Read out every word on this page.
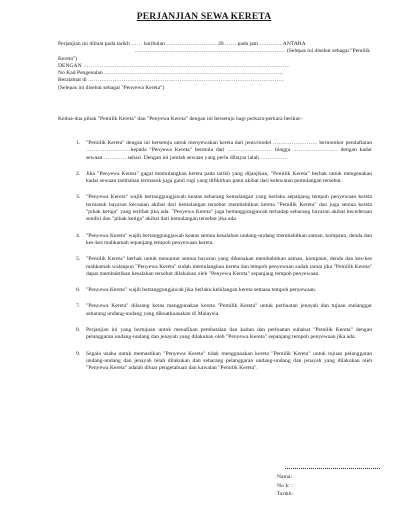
PERJANJIAN SEWA KERETA
Perjanjian ini dibuat pada tarikh …… haribulan ……………………… 20 …… pada jam ………… ANTARA
……………………………………………………………………… (Selepas ini disebut sebagai "Pemilik
Kereta")
DENGAN …………………………………………………………………………………………………
No Kad Pengenalan ……………………………………………………………………………………
Beralamat di ……………………………………………………………………………………………
(Selepas ini disebut sebagai "Penyewa Kereta")
Kedua-dua pihak "Pemilik Kereta" dan "Penyewa Kereta" dengan ini bersetuju bagi perkara-perkara berikut:-
1. "Pemilik Kereta" dengan ini bersetuju untuk menyewakan kereta dari jenis/model …………………… bernombor pendaftaran ……………………kepada "Penyewa Kereta" bermula dari …………………… hingga …………………… dengan kadar sewaan ………… sehari. Dengan ini jumlah sewaan yang perlu dibayar ialah ……………
2. Jika "Penyewa Kereta" gagal memulangkan kereta pada tarikh yang dijanjikan, "Pemilik Kereta" berhak untuk mengenakan kadar sewaan tambahan termasuk juga ganti rugi yang difikirkan patut akibat dari kelewatan pemulangan tersebut.
3. "Penyewa Kereta" wajib bertanggungjawab keatas sebarang kemalangan yang berlaku sepanjang tempoh penyewaan kereta termasuk bayaran kecuaian akibat dari kemalangan tersebut membabitkan kereta "Pemilik Kereta" dan juga semua kereta "pihak ketiga" yang terlibat jika ada. "Penyewa Kereta" juga bertanggungjawab terhadap sebarang bayaran akibat kecederaan sendiri dan "pihak ketiga" akibat dari kemalangan tersebut jika ada.
4. "Penyewa Kereta" wajib bertanggungjawab keatas semua kesalahan undang-undang membabitkan saman, kompaun, denda dan kes-kes mahkamah sepanjang tempoh penyewaan kereta.
5. "Pemilik Kereta" berhak untuk menuntut semua bayaran yang dikenakan membabitkan saman, kompaun, denda dan kes-kes mahkamah walaupun "Penyewa Kereta" sudah memulangkan kereta dan tempoh penyewaan sudah tamat jika "Pemilik Kereta" dapat membuktikan kesalahan tersebut dilakukan oleh "Penyewa Kereta" sepanjang tempoh penyewaan.
6. "Penyewa Kereta" wajib bertanggungjawab jika berlaku kehilangan kereta semasa tempoh penyewaan.
7. "Penyewa Kereta" dilarang keras menggunakan kereta "Pemilik Kereta" untuk perbuatan jenayah dan tujuan melanggar sebarang undang-undang yang dikuatkuasakan di Malaysia.
8. Perjanjian ini yang bertujuan untuk menafikan pembatalan dan kaitan dan perbuatan subahat "Pemilik Kereta" dengan pelanggaran undang-undang dan jenayah yang dilakukan oleh "Penyewa Kereta" sepanjang tempoh penyewaan jika ada.
9. Segala usaha untuk memastikan "Penyewa Kereta" tidak menggunakan kereta "Pemilik Kereta" untuk tujuan pelanggaran undang-undang dan jenayah telah dilakukan dan sebarang pelanggaran undang-undang dan jenayah yang dilakukan oleh "Penyewa Kereta" adalah diluar pengetahuan dan kawalan "Pemilik Kereta".
Nama:
No Ic :
Tarikh:
